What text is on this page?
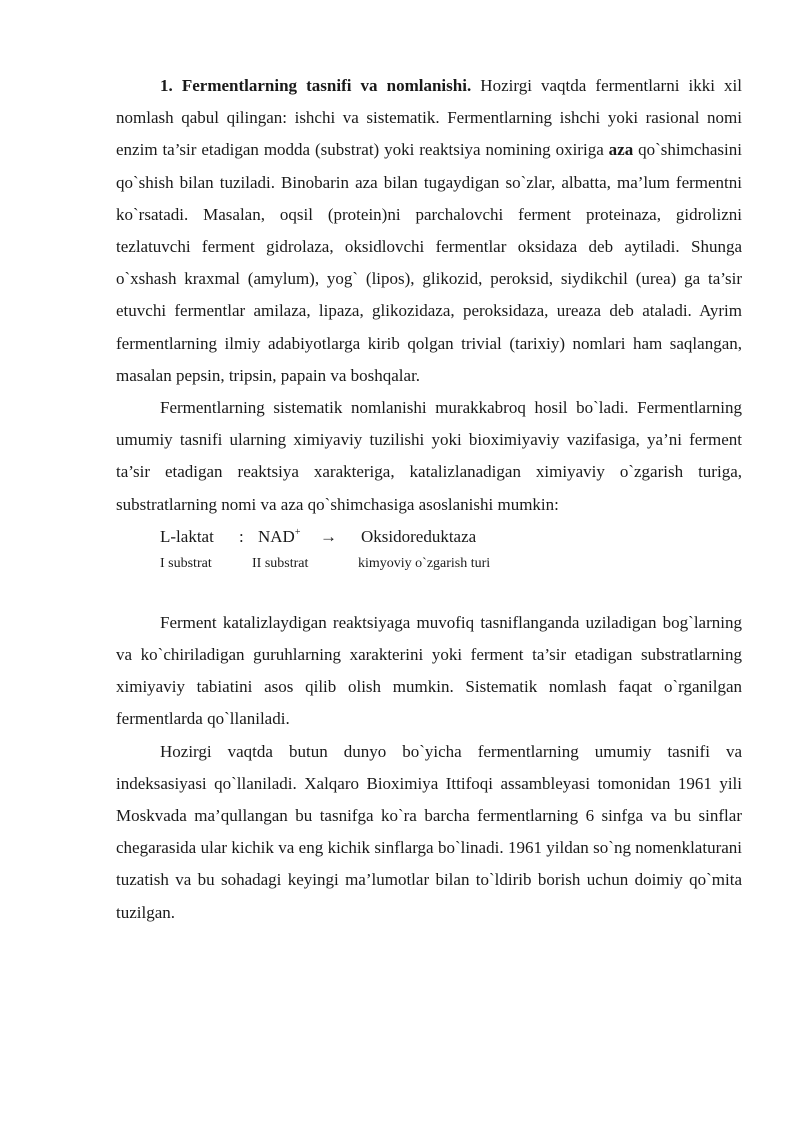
1. Fermentlarning tasnifi va nomlanishi. Hozirgi vaqtda fermentlarni ikki xil nomlash qabul qilingan: ishchi va sistematik. Fermentlarning ishchi yoki rasional nomi enzim ta’sir etadigan modda (substrat) yoki reaktsiya nomining oxiriga aza qo`shimchasini qo`shish bilan tuziladi. Binobarin aza bilan tugaydigan so`zlar, albatta, ma’lum fermentni ko`rsatadi. Masalan, oqsil (protein)ni parchalovchi ferment proteinaza, gidrolizni tezlatuvchi ferment gidrolaza, oksidlovchi fermentlar oksidaza deb aytiladi. Shunga o`xshash kraxmal (amylum), yog` (lipos), glikozid, peroksid, siydikchil (urea) ga ta’sir etuvchi fermentlar amilaza, lipaza, glikozidaza, peroksidaza, ureaza deb ataladi. Ayrim fermentlarning ilmiy adabiyotlarga kirib qolgan trivial (tarixiy) nomlari ham saqlangan, masalan pepsin, tripsin, papain va boshqalar.

Fermentlarning sistematik nomlanishi murakkabroq hosil bo`ladi. Fermentlarning umumiy tasnifi ularning ximiyaviy tuzilishi yoki bioximiyaviy vazifasiga, ya’ni ferment ta’sir etadigan reaktsiya xarakteriga, katalizlanadigan ximiyaviy o`zgarish turiga, substratlarning nomi va aza qo`shimchasiga asoslanishi mumkin:

L-laktat : NAD+ → Oksidoreduktaza
I substrat	II substrat	kimyoviy o`zgarish turi

Ferment katalizlaydigan reaktsiyaga muvofiq tasniflanganda uziladigan bog`larning va ko`chiriladigan guruhlarning xarakterini yoki ferment ta’sir etadigan substratlarning ximiyaviy tabiatini asos qilib olish mumkin. Sistematik nomlash faqat o`rganilgan fermentlarda qo`llaniladi.

Hozirgi vaqtda butun dunyo bo`yicha fermentlarning umumiy tasnifi va indeksasiyasi qo`llaniladi. Xalqaro Bioximiya Ittifoqi assambleyasi tomonidan 1961 yili Moskvada ma’qullangan bu tasnifga ko`ra barcha fermentlarning 6 sinfga va bu sinflar chegarasida ular kichik va eng kichik sinflarga bo`linadi. 1961 yildan so`ng nomenklaturani tuzatish va bu sohadagi keyingi ma’lumotlar bilan to`ldirib borish uchun doimiy qo`mita tuzilgan.
